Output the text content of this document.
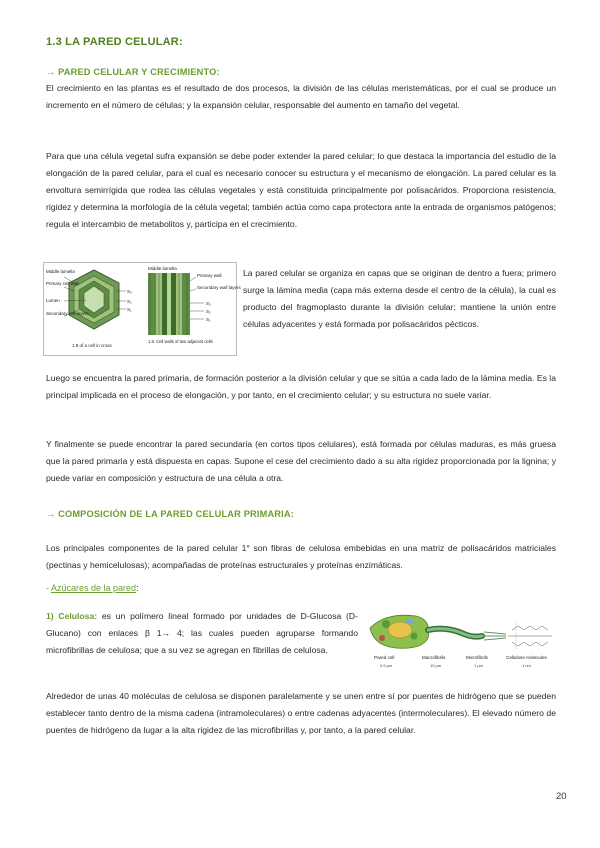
1.3 LA PARED CELULAR:
→ PARED CELULAR Y CRECIMIENTO:
El crecimiento en las plantas es el resultado de dos procesos, la división de las células meristemáticas, por el cual se produce un incremento en el número de células; y la expansión celular, responsable del aumento en tamaño del vegetal.
Para que una célula vegetal sufra expansión se debe poder extender la pared celular; lo que destaca la importancia del estudio de la elongación de la pared celular, para el cual es necesario conocer su estructura y el mecanismo de elongación. La pared celular es la envoltura semirrígida que rodea las células vegetales y está constituida principalmente por polisacáridos. Proporciona resistencia, rigidez y determina la morfología de la célula vegetal; también actúa como capa protectora ante la entrada de organismos patógenos; regula el intercambio de metabolitos y, participa en el crecimiento.
Middle lamella
Primary cell wall
Lumen
Secondary cell layers
S₃
S₂
S₁
1.8 of a cell in cross
Middle lamella
Primary wall
Secondary wall layers
S₃
S₂
S₁
1.8. Cell walls of two adjacent cells
La pared celular se organiza en capas que se originan de dentro a fuera; primero surge la lámina media (capa más externa desde el centro de la célula), la cual es producto del fragmoplasto durante la división celular; mantiene la unión entre células adyacentes y está formada por polisacáridos pécticos.
Luego se encuentra la pared primaria, de formación posterior a la división celular y que se sitúa a cada lado de la lámina media. Es la principal implicada en el proceso de elongación, y por tanto, en el crecimiento celular; y su estructura no suele variar.
Y finalmente se puede encontrar la pared secundaria (en cortos tipos celulares), está formada por células maduras, es más gruesa que la pared primaria y está dispuesta en capas. Supone el cese del crecimiento dado a su alta rigidez proporcionada por la lignina; y puede variar en composición y estructura de una célula a otra.
→ COMPOSICIÓN DE LA PARED CELULAR PRIMARIA:
Los principales componentes de la pared celular 1° son fibras de celulosa embebidas en una matriz de polisacáridos matriciales (pectinas y hemicelulosas); acompañadas de proteínas estructurales y proteínas enzimáticas.
- Azúcares de la pared:
1) Celulosa: es un polímero lineal formado por unidades de D-Glucosa (D-Glucano) con enlaces β 1→ 4; las cuales pueden agruparse formando microfibrillas de celulosa; que a su vez se agregan en fibrillas de celulosa.
Pared cell	Macrofibrils	Microfibrils	Cellulose molecules
0.5 μm	10 μm	1 μm	1 nm
Alrededor de unas 40 moléculas de celulosa se disponen paralelamente y se unen entre sí por puentes de hidrógeno que se pueden establecer tanto dentro de la misma cadena (intramoleculares) o entre cadenas adyacentes (intermoleculares). El elevado número de puentes de hidrógeno da lugar a la alta rigidez de las microfibrillas y, por tanto, a la pared celular.
20
